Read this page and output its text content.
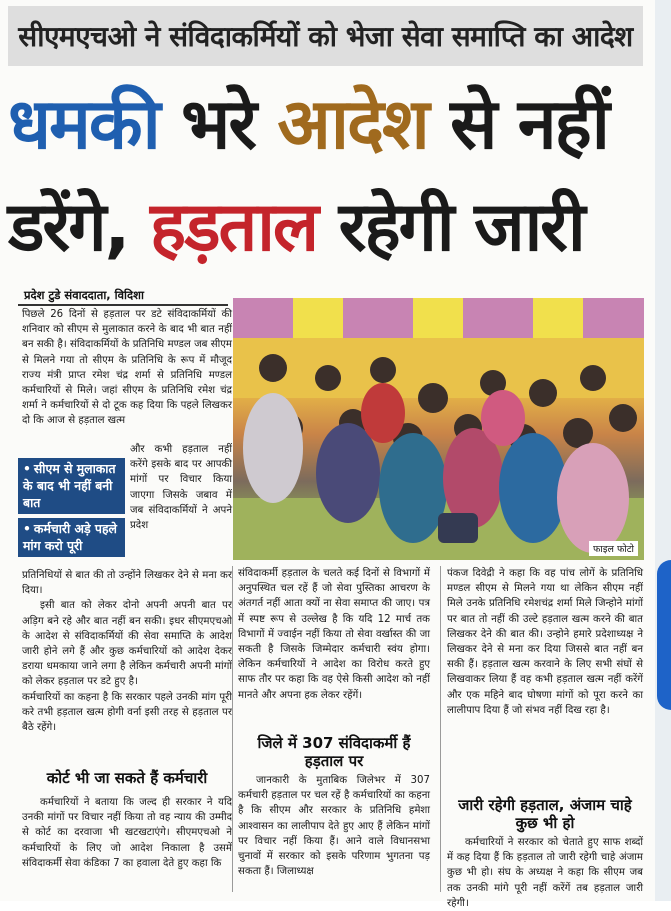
सीएमएचओ ने संविदाकर्मियों को भेजा सेवा समाप्ति का आदेश
धमकी भरे आदेश से नहीं
डरेंगे, हड़ताल रहेगी जारी
प्रदेश टुडे संवाददाता, विदिशा
पिछले 26 दिनों से हड़ताल पर डटे संविदाकर्मियों की शनिवार को सीएम से मुलाकात करने के बाद भी बात नहीं बन सकी है। संविदाकर्मियों के प्रतिनिधि मण्डल जब सीएम से मिलने गया तो सीएम के प्रतिनिधि के रूप में मौजूद राज्य मंत्री प्राप्त रमेश चंद्र शर्मा से प्रतिनिधि मण्डल कर्मचारियों से मिले। जहां सीएम के प्रतिनिधि रमेश चंद्र शर्मा ने कर्मचारियों से दो टूक कह दिया कि पहले लिखकर दो कि आज से हड़ताल खत्म
• सीएम से मुलाकात के बाद भी नहीं बनी बात
• कर्मचारी अड़े पहले मांग करो पूरी
और कभी हड़ताल नहीं करेंगे इसके बाद पर आपकी मांगों पर विचार किया जाएगा जिसके जबाव में जब संविदाकर्मियों ने अपने प्रदेश
प्रतिनिधियों से बात की तो उन्होंने लिखकर देने से मना कर दिया।
इसी बात को लेकर दोनो अपनी अपनी बात पर अड़िग बने रहे और बात नहीं बन सकी। इधर सीएमएचओ के आदेश से संविदाकर्मियों की सेवा समाप्ति के आदेश जारी होने लगे हैं और कुछ कर्मचारियों को आदेश देकर डराया धमकाया जाने लगा है लेकिन कर्मचारी अपनी मांगों को लेकर हड़ताल पर डटे हुए है।
कर्मचारियों का कहना है कि सरकार पहले उनकी मांग पूरी करे तभी हड़ताल खत्म होगी वर्ना इसी तरह से हड़ताल पर बैठे रहेंगे।
कोर्ट भी जा सकते हैं कर्मचारी
कर्मचारियों ने बताया कि जल्द ही सरकार ने यदि उनकी मांगों पर विचार नहीं किया तो वह न्याय की उम्मीद से कोर्ट का दरवाजा भी खटखटाएंगे। सीएमएचओ ने कर्मचारियों के लिए जो आदेश निकाला है उसमें संविदाकर्मी सेवा कंडिका 7 का हवाला देते हुए कहा कि
फाइल फोटो
संविदाकर्मी हड़ताल के चलते कई दिनों से विभागों में अनुपस्थित चल रहें हैं जो सेवा पुस्तिका आचरण के अंतगर्त नहीं आता क्यों ना सेवा समाप्त की जाए। पत्र में स्पष्ट रूप से उल्लेख है कि यदि 12 मार्च तक विभागों में ज्वाईन नहीं किया तो सेवा वर्खास्त की जा सकती है जिसके जिम्मेदार कर्मचारी स्वंय होगा। लेकिन कर्मचारियों ने आदेश का विरोध करते हुए साफ तौर पर कहा कि वह ऐसे किसी आदेश को नहीं मानते और अपना हक लेकर रहेंगें।
जिले में 307 संविदाकर्मी हैं हड़ताल पर
जानकारी के मुताबिक जिलेभर में 307 कर्मचारी हड़ताल पर चल रहें है कर्मचारियों का कहना है कि सीएम और सरकार के प्रतिनिधि हमेशा आश्वासन का लालीपाप देते हुए आए हैं लेकिन मांगों पर विचार नहीं किया हैं। आने वाले विधानसभा चुनावों में सरकार को इसके परिणाम भुगतना पड़ सकता हैं। जिलाध्यक्ष
पंकज दिवेद्री ने कहा कि वह पांच लोगें के प्रतिनिधि मण्डल सीएम से मिलने गया था लेकिन सीएम नहीं मिले उनके प्रतिनिधि रमेशचंद्र शर्मा मिले जिन्होने मांगों पर बात तो नहीं की उल्टे हड़ताल खत्म करने की बात लिखकर देने की बात की। उन्होने हमारे प्रदेशाध्यक्ष ने लिखकर देने से मना कर दिया जिससे बात नहीं बन सकी हैं। हड़ताल खत्म करवाने के लिए सभी संघों से लिखवाकर लिया हैं वह कभी हड़ताल खत्म नहीं करेंगें और एक महिने बाद घोषणा मांगों को पूरा करने का लालीपाप दिया हैं जो संभव नहीं दिख रहा है।
जारी रहेगी हड़ताल, अंजाम चाहे कुछ भी हो
कर्मचारियों ने सरकार को चेताते हुए साफ शब्दों में कह दिया हैं कि हड़ताल तो जारी रहेगी चाहे अंजाम कुछ भी हो। संघ के अध्यक्ष ने कहा कि सीएम जब तक उनकी मांगे पूरी नहीं करेंगें तब हड़ताल जारी रहेगी।
